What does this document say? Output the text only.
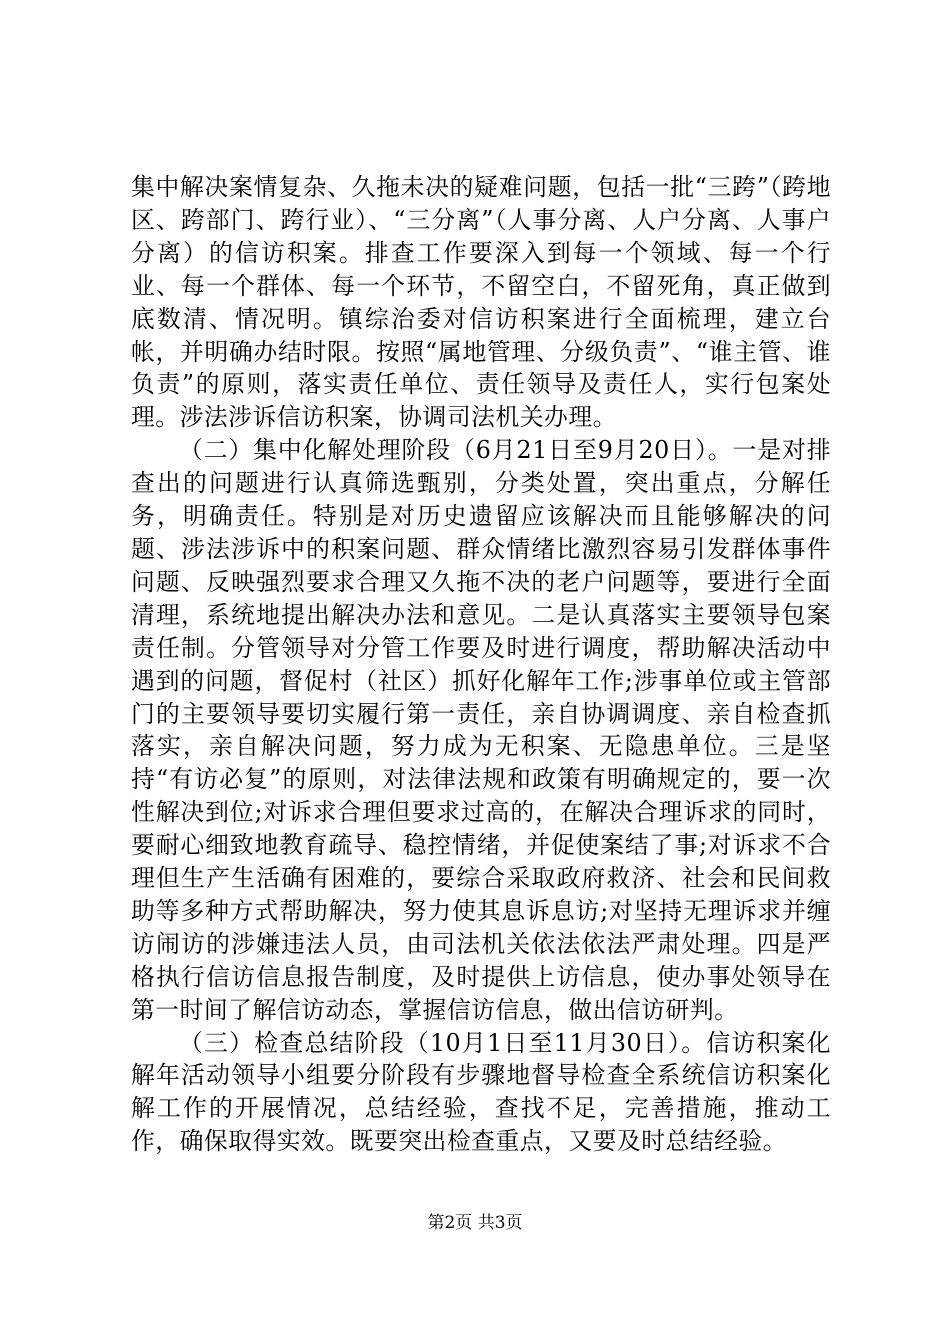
集中解决案情复杂、久拖未决的疑难问题，包括一批“三跨”（跨地区、跨部门、跨行业）、“三分离”（人事分离、人户分离、人事户分离）的信访积案。排查工作要深入到每一个领域、每一个行业、每一个群体、每一个环节，不留空白，不留死角，真正做到底数清、情况明。镇综治委对信访积案进行全面梳理，建立台帐，并明确办结时限。按照“属地管理、分级负责”、“谁主管、谁负责”的原则，落实责任单位、责任领导及责任人，实行包案处理。涉法涉诉信访积案，协调司法机关办理。

（二）集中化解处理阶段（6月21日至9月20日）。一是对排查出的问题进行认真筛选甄别，分类处置，突出重点，分解任务，明确责任。特别是对历史遗留应该解决而且能够解决的问题、涉法涉诉中的积案问题、群众情绪比激烈容易引发群体事件问题、反映强烈要求合理又久拖不决的老户问题等，要进行全面清理，系统地提出解决办法和意见。二是认真落实主要领导包案责任制。分管领导对分管工作要及时进行调度，帮助解决活动中遇到的问题，督促村（社区）抓好化解年工作;涉事单位或主管部门的主要领导要切实履行第一责任，亲自协调调度、亲自检查抓落实，亲自解决问题，努力成为无积案、无隐患单位。三是坚持“有访必复”的原则，对法律法规和政策有明确规定的，要一次性解决到位;对诉求合理但要求过高的，在解决合理诉求的同时，要耐心细致地教育疏导、稳控情绪，并促使案结了事;对诉求不合理但生产生活确有困难的，要综合采取政府救济、社会和民间救助等多种方式帮助解决，努力使其息诉息访;对坚持无理诉求并缠访闹访的涉嫌违法人员，由司法机关依法依法严肃处理。四是严格执行信访信息报告制度，及时提供上访信息，使办事处领导在第一时间了解信访动态，掌握信访信息，做出信访研判。

（三）检查总结阶段（10月1日至11月30日）。信访积案化解年活动领导小组要分阶段有步骤地督导检查全系统信访积案化解工作的开展情况，总结经验，查找不足，完善措施，推动工作，确保取得实效。既要突出检查重点，又要及时总结经验。

第2页 共3页
